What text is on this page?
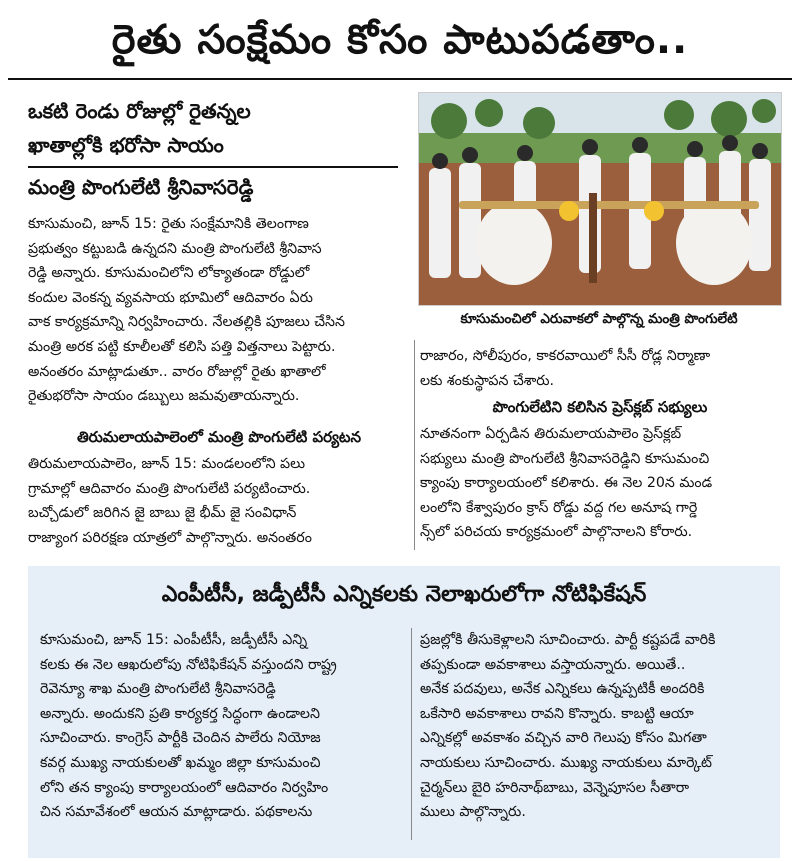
రైతు సంక్షేమం కోసం పాటుపడతాం..
ఒకటి రెండు రోజుల్లో రైతన్నల
ఖాతాల్లోకి భరోసా సాయం
మంత్రి పొంగులేటి శ్రీనివాసరెడ్డి
కూసుమంచిలో ఎరువాకలో పాల్గొన్న మంత్రి పొంగులేటి

కూసుమంచి, జూన్ 15: రైతు సంక్షేమానికి తెలంగాణ

ప్రభుత్వం కట్టుబడి ఉన్నదని మంత్రి పొంగులేటి శ్రీనివాస

రెడ్డి అన్నారు. కూసుమంచిలోని లోక్యాతండా రోడ్డులో

కందుల వెంకన్న వ్యవసాయ భూమిలో ఆదివారం ఏరు

వాక కార్యక్రమాన్ని నిర్వహించారు. నేలతల్లికి పూజలు చేసిన

మంత్రి అరక పట్టి కూలీలతో కలిసి పత్తి విత్తనాలు పెట్టారు.

అనంతరం మాట్లాడుతూ.. వారం రోజుల్లో రైతు ఖాతాలో

రైతుభరోసా సాయం డబ్బులు జమవుతాయన్నారు.

తిరుమలాయపాలెంలో మంత్రి పొంగులేటి పర్యటన

తిరుమలాయపాలెం, జూన్ 15: మండలంలోని పలు

గ్రామాల్లో ఆదివారం మంత్రి పొంగులేటి పర్యటించారు.

బచ్చోడులో జరిగిన జై బాబు జై భీమ్ జై సంవిధాన్

రాజ్యాంగ పరిరక్షణ యాత్రలో పాల్గొన్నారు. అనంతరం

రాజారం, సోలీపురం, కాకరవాయిలో సీసీ రోడ్ల నిర్మాణా

లకు శంకుస్థాపన చేశారు.

పొంగులేటిని కలిసిన ప్రెస్‌క్లబ్ సభ్యులు

నూతనంగా ఏర్పడిన తిరుమలాయపాలెం ప్రెస్‌క్లబ్

సభ్యులు మంత్రి పొంగులేటి శ్రీనివాసరెడ్డిని కూసుమంచి

క్యాంపు కార్యాలయంలో కలిశారు. ఈ నెల 20న మండ

లంలోని కేశ్వాపురం క్రాస్ రోడ్డు వద్ద గల అనూష గార్డె

న్స్‌లో పరిచయ కార్యక్రమంలో పాల్గొనాలని కోరారు.

ఎంపీటీసీ, జడ్పీటీసీ ఎన్నికలకు నెలాఖరులోగా నోటిఫికేషన్

కూసుమంచి, జూన్ 15: ఎంపీటీసీ, జడ్పీటీసీ ఎన్ని

కలకు ఈ నెల ఆఖరులోపు నోటిఫికేషన్ వస్తుందని రాష్ట్ర

రెవెన్యూ శాఖ మంత్రి పొంగులేటి శ్రీనివాసరెడ్డి

అన్నారు. అందుకని ప్రతి కార్యకర్త సిద్ధంగా ఉండాలని

సూచించారు. కాంగ్రెస్ పార్టీకి చెందిన పాలేరు నియోజ

కవర్గ ముఖ్య నాయకులతో ఖమ్మం జిల్లా కూసుమంచి

లోని తన క్యాంపు కార్యాలయంలో ఆదివారం నిర్వహిం

చిన సమావేశంలో ఆయన మాట్లాడారు. పథకాలను

ప్రజల్లోకి తీసుకెళ్లాలని సూచించారు. పార్టీ కష్టపడే వారికి

తప్పకుండా అవకాశాలు వస్తాయన్నారు. అయితే..

అనేక పదవులు, అనేక ఎన్నికలు ఉన్నప్పటికీ అందరికి

ఒకేసారి అవకాశాలు రావని కొన్నారు. కాబట్టి ఆయా

ఎన్నికల్లో అవకాశం వచ్చిన వారి గెలుపు కోసం మిగతా

నాయకులు సూచించారు. ముఖ్య నాయకులు మార్కెట్

చైర్మన్‌లు బైరి హరినాథ్‌బాబు, వెన్నెపూసల సీతారా

ములు పాల్గొన్నారు.
